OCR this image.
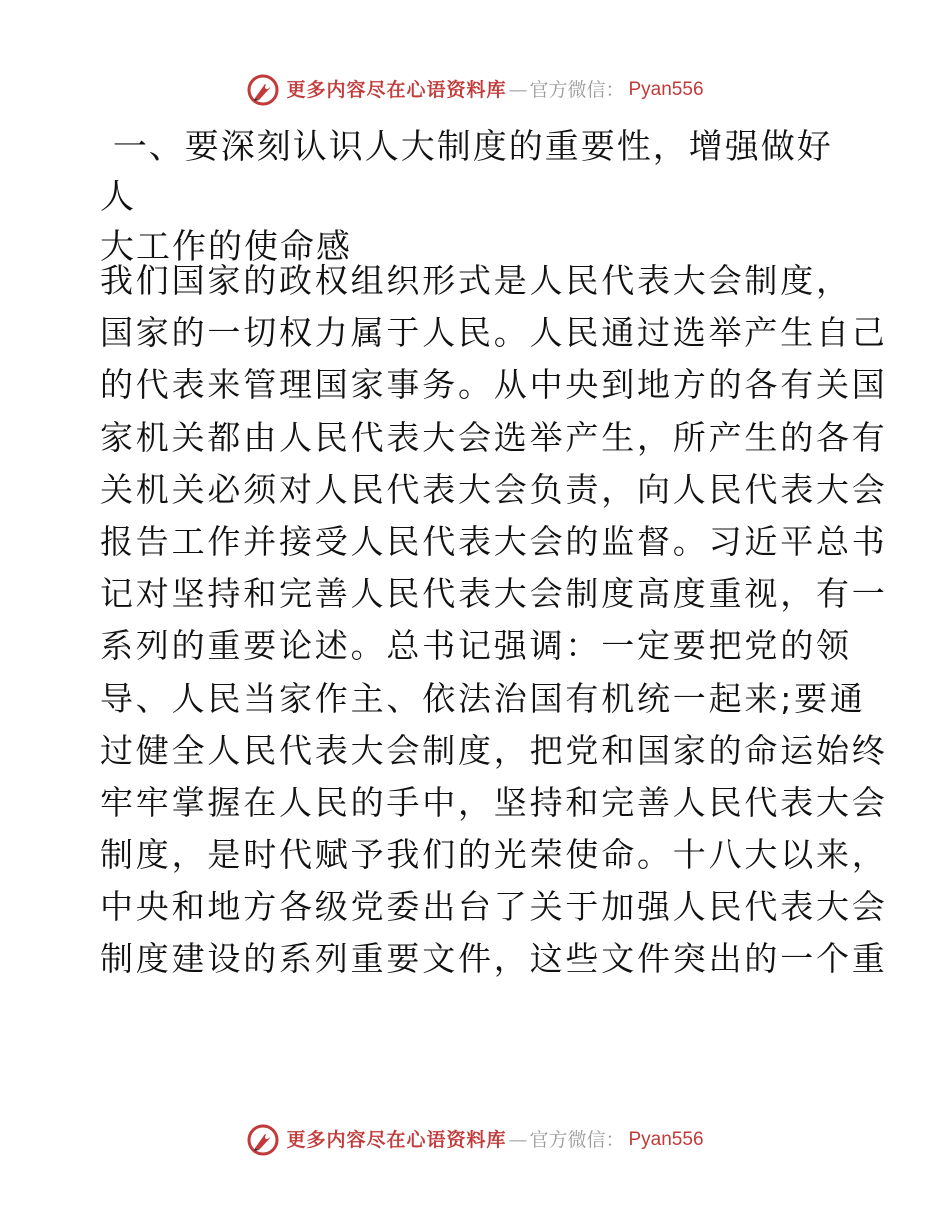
更多内容尽在心语资料库 — 官方微信： Pyan556
一、要深刻认识人大制度的重要性，增强做好人
大工作的使命感

我们国家的政权组织形式是人民代表大会制度，
国家的一切权力属于人民。人民通过选举产生自己
的代表来管理国家事务。从中央到地方的各有关国
家机关都由人民代表大会选举产生，所产生的各有
关机关必须对人民代表大会负责，向人民代表大会
报告工作并接受人民代表大会的监督。习近平总书
记对坚持和完善人民代表大会制度高度重视，有一
系列的重要论述。总书记强调：一定要把党的领
导、人民当家作主、依法治国有机统一起来;要通
过健全人民代表大会制度，把党和国家的命运始终
牢牢掌握在人民的手中，坚持和完善人民代表大会
制度，是时代赋予我们的光荣使命。十八大以来，
中央和地方各级党委出台了关于加强人民代表大会
制度建设的系列重要文件，这些文件突出的一个重

更多内容尽在心语资料库 — 官方微信： Pyan556
